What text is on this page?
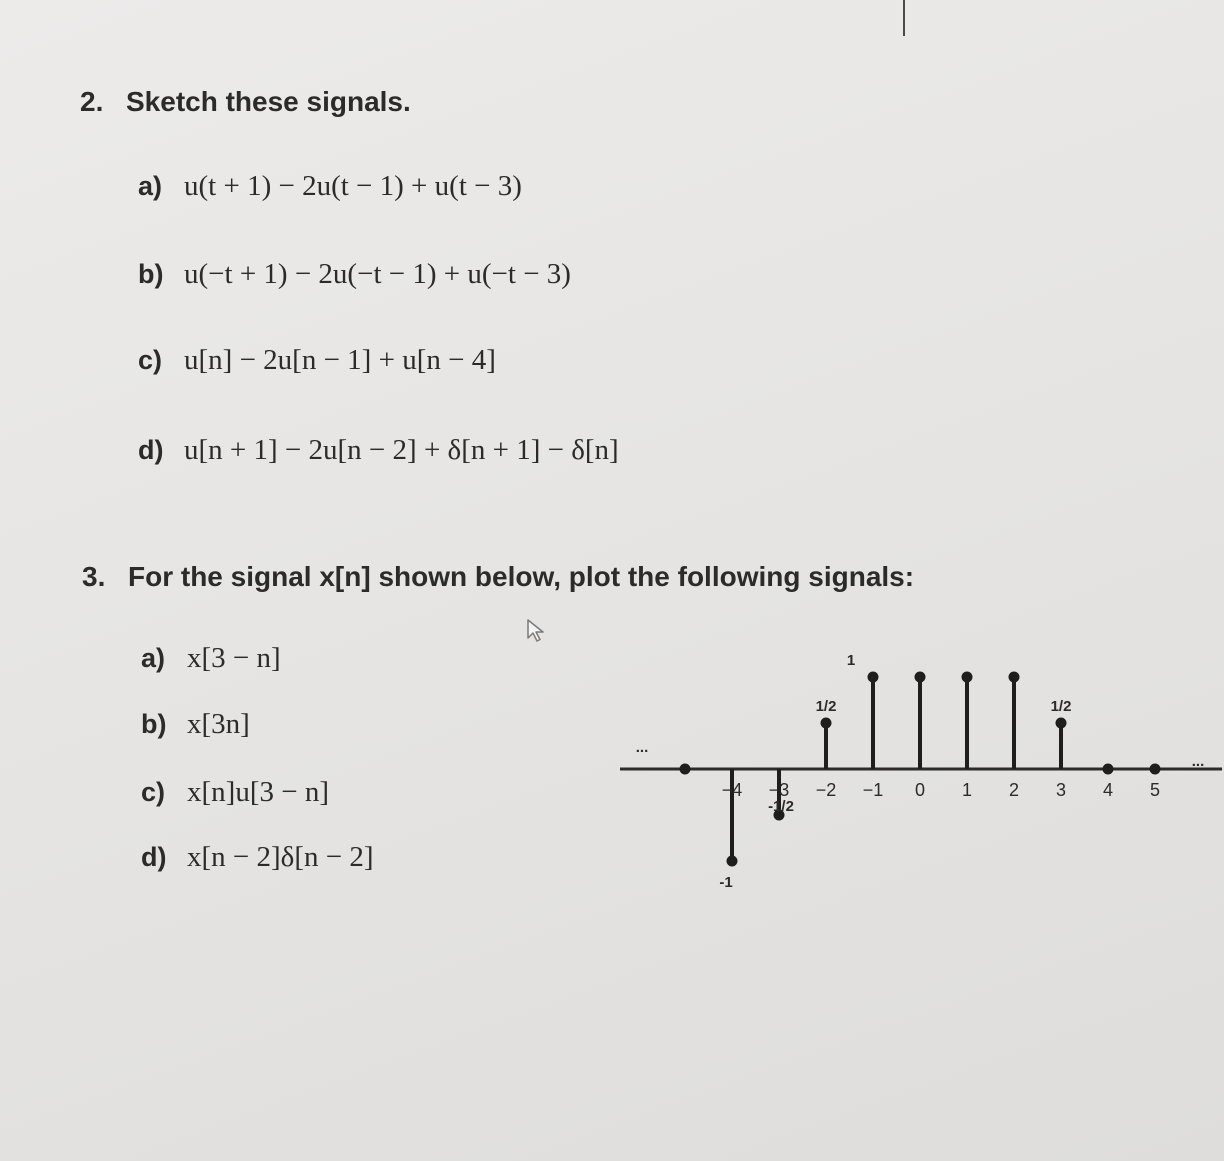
2. Sketch these signals.
a) u(t + 1) − 2u(t − 1) + u(t − 3)
b) u(−t + 1) − 2u(−t − 1) + u(−t − 3)
c) u[n] − 2u[n − 1] + u[n − 4]
d) u[n + 1] − 2u[n − 2] + δ[n + 1] − δ[n]
3. For the signal x[n] shown below, plot the following signals:
a) x[3 − n]
b) x[3n]
c) x[n]u[3 − n]
d) x[n − 2]δ[n − 2]
−4 −3 −2 −1 0 1 2 3 4 5
-1
-1/2
1/2
1
1/2
...
...
